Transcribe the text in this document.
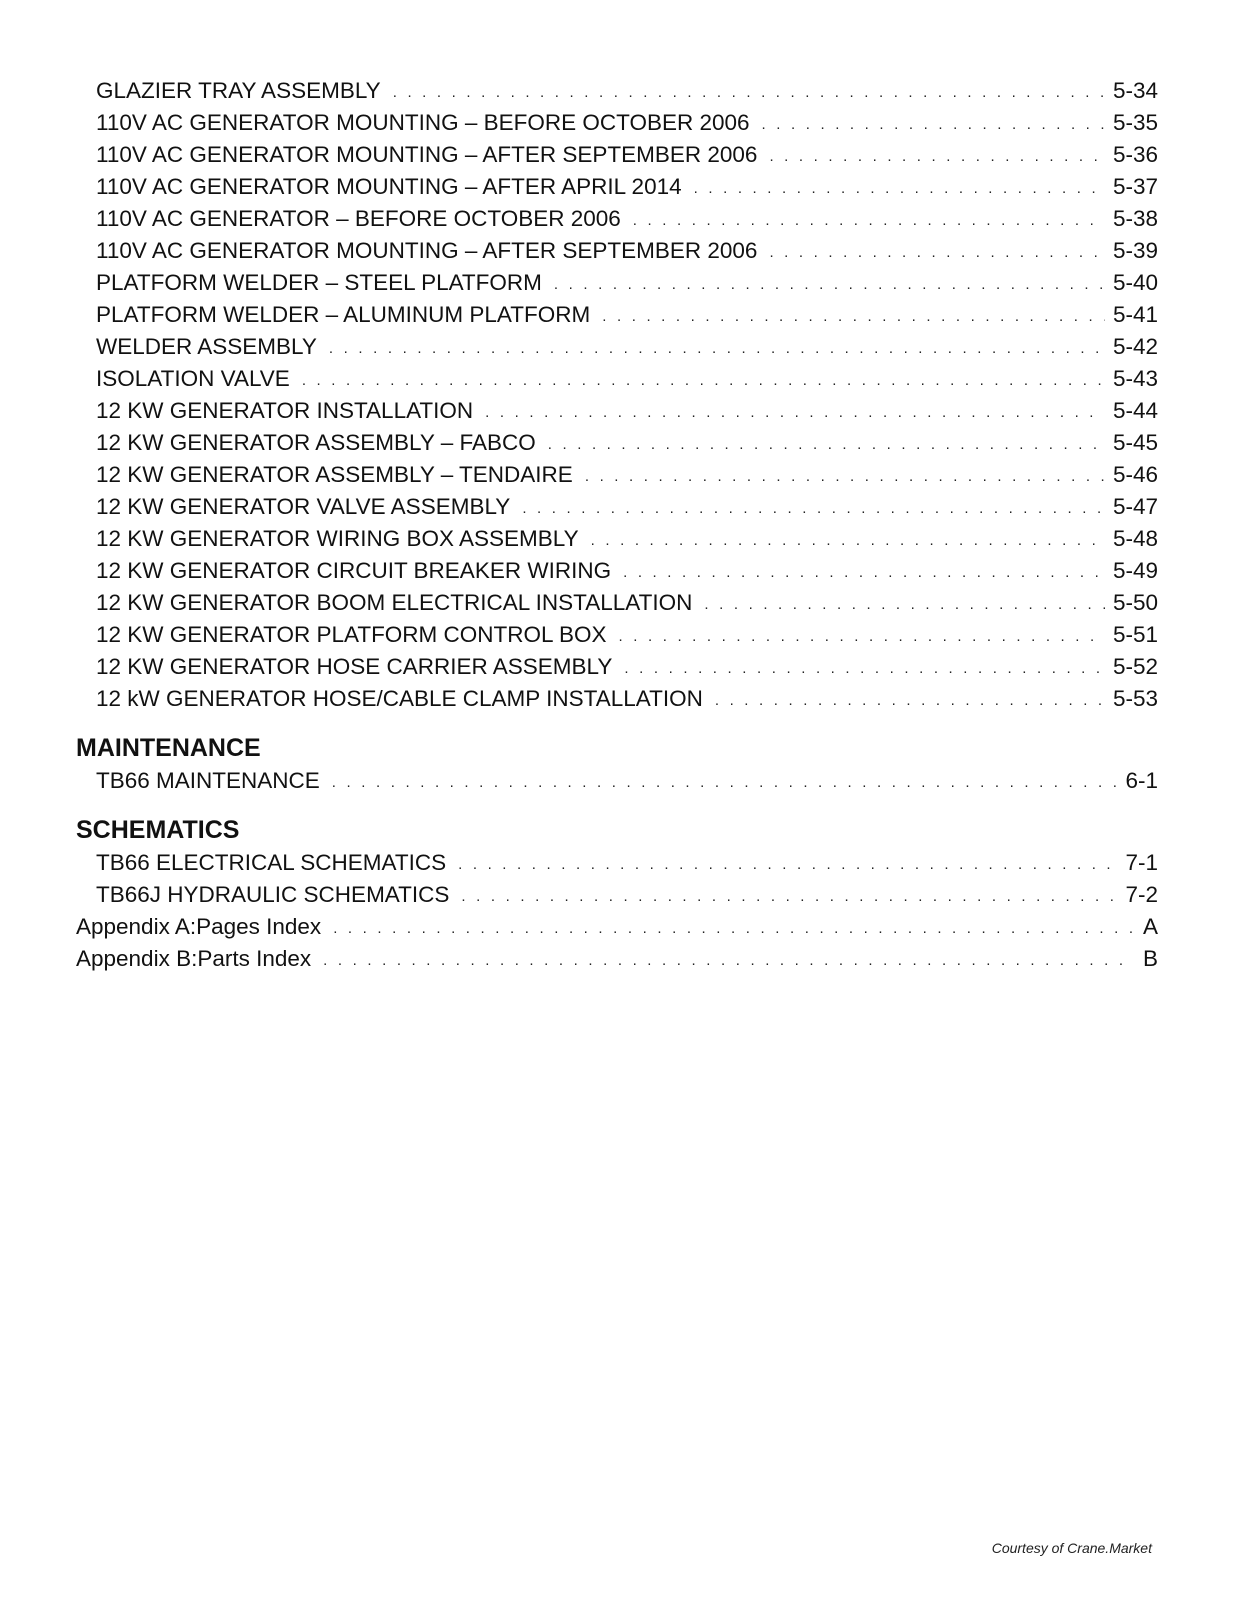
GLAZIER TRAY ASSEMBLY . . .	5-34
110V AC GENERATOR MOUNTING – BEFORE OCTOBER 2006 . . .	5-35
110V AC GENERATOR MOUNTING – AFTER SEPTEMBER 2006 . . .	5-36
110V AC GENERATOR MOUNTING – AFTER APRIL 2014 . . .	5-37
110V AC GENERATOR – BEFORE OCTOBER 2006 . . .	5-38
110V AC GENERATOR MOUNTING – AFTER SEPTEMBER 2006 . . .	5-39
PLATFORM WELDER – STEEL PLATFORM . . .	5-40
PLATFORM WELDER – ALUMINUM PLATFORM . . .	5-41
WELDER ASSEMBLY . . .	5-42
ISOLATION VALVE . . .	5-43
12 KW GENERATOR INSTALLATION . . .	5-44
12 KW GENERATOR ASSEMBLY – FABCO . . .	5-45
12 KW GENERATOR ASSEMBLY – TENDAIRE . . .	5-46
12 KW GENERATOR VALVE ASSEMBLY . . .	5-47
12 KW GENERATOR WIRING BOX ASSEMBLY . . .	5-48
12 KW GENERATOR CIRCUIT BREAKER WIRING . . .	5-49
12 KW GENERATOR BOOM ELECTRICAL INSTALLATION . . .	5-50
12 KW GENERATOR PLATFORM CONTROL BOX . . .	5-51
12 KW GENERATOR HOSE CARRIER ASSEMBLY . . .	5-52
12 kW GENERATOR HOSE/CABLE CLAMP INSTALLATION . . .	5-53
MAINTENANCE
TB66 MAINTENANCE . . .	6-1
SCHEMATICS
TB66 ELECTRICAL SCHEMATICS . . .	7-1
TB66J HYDRAULIC SCHEMATICS . . .	7-2
Appendix A:Pages Index . . .	A
Appendix B:Parts Index . . .	B
Courtesy of Crane.Market
